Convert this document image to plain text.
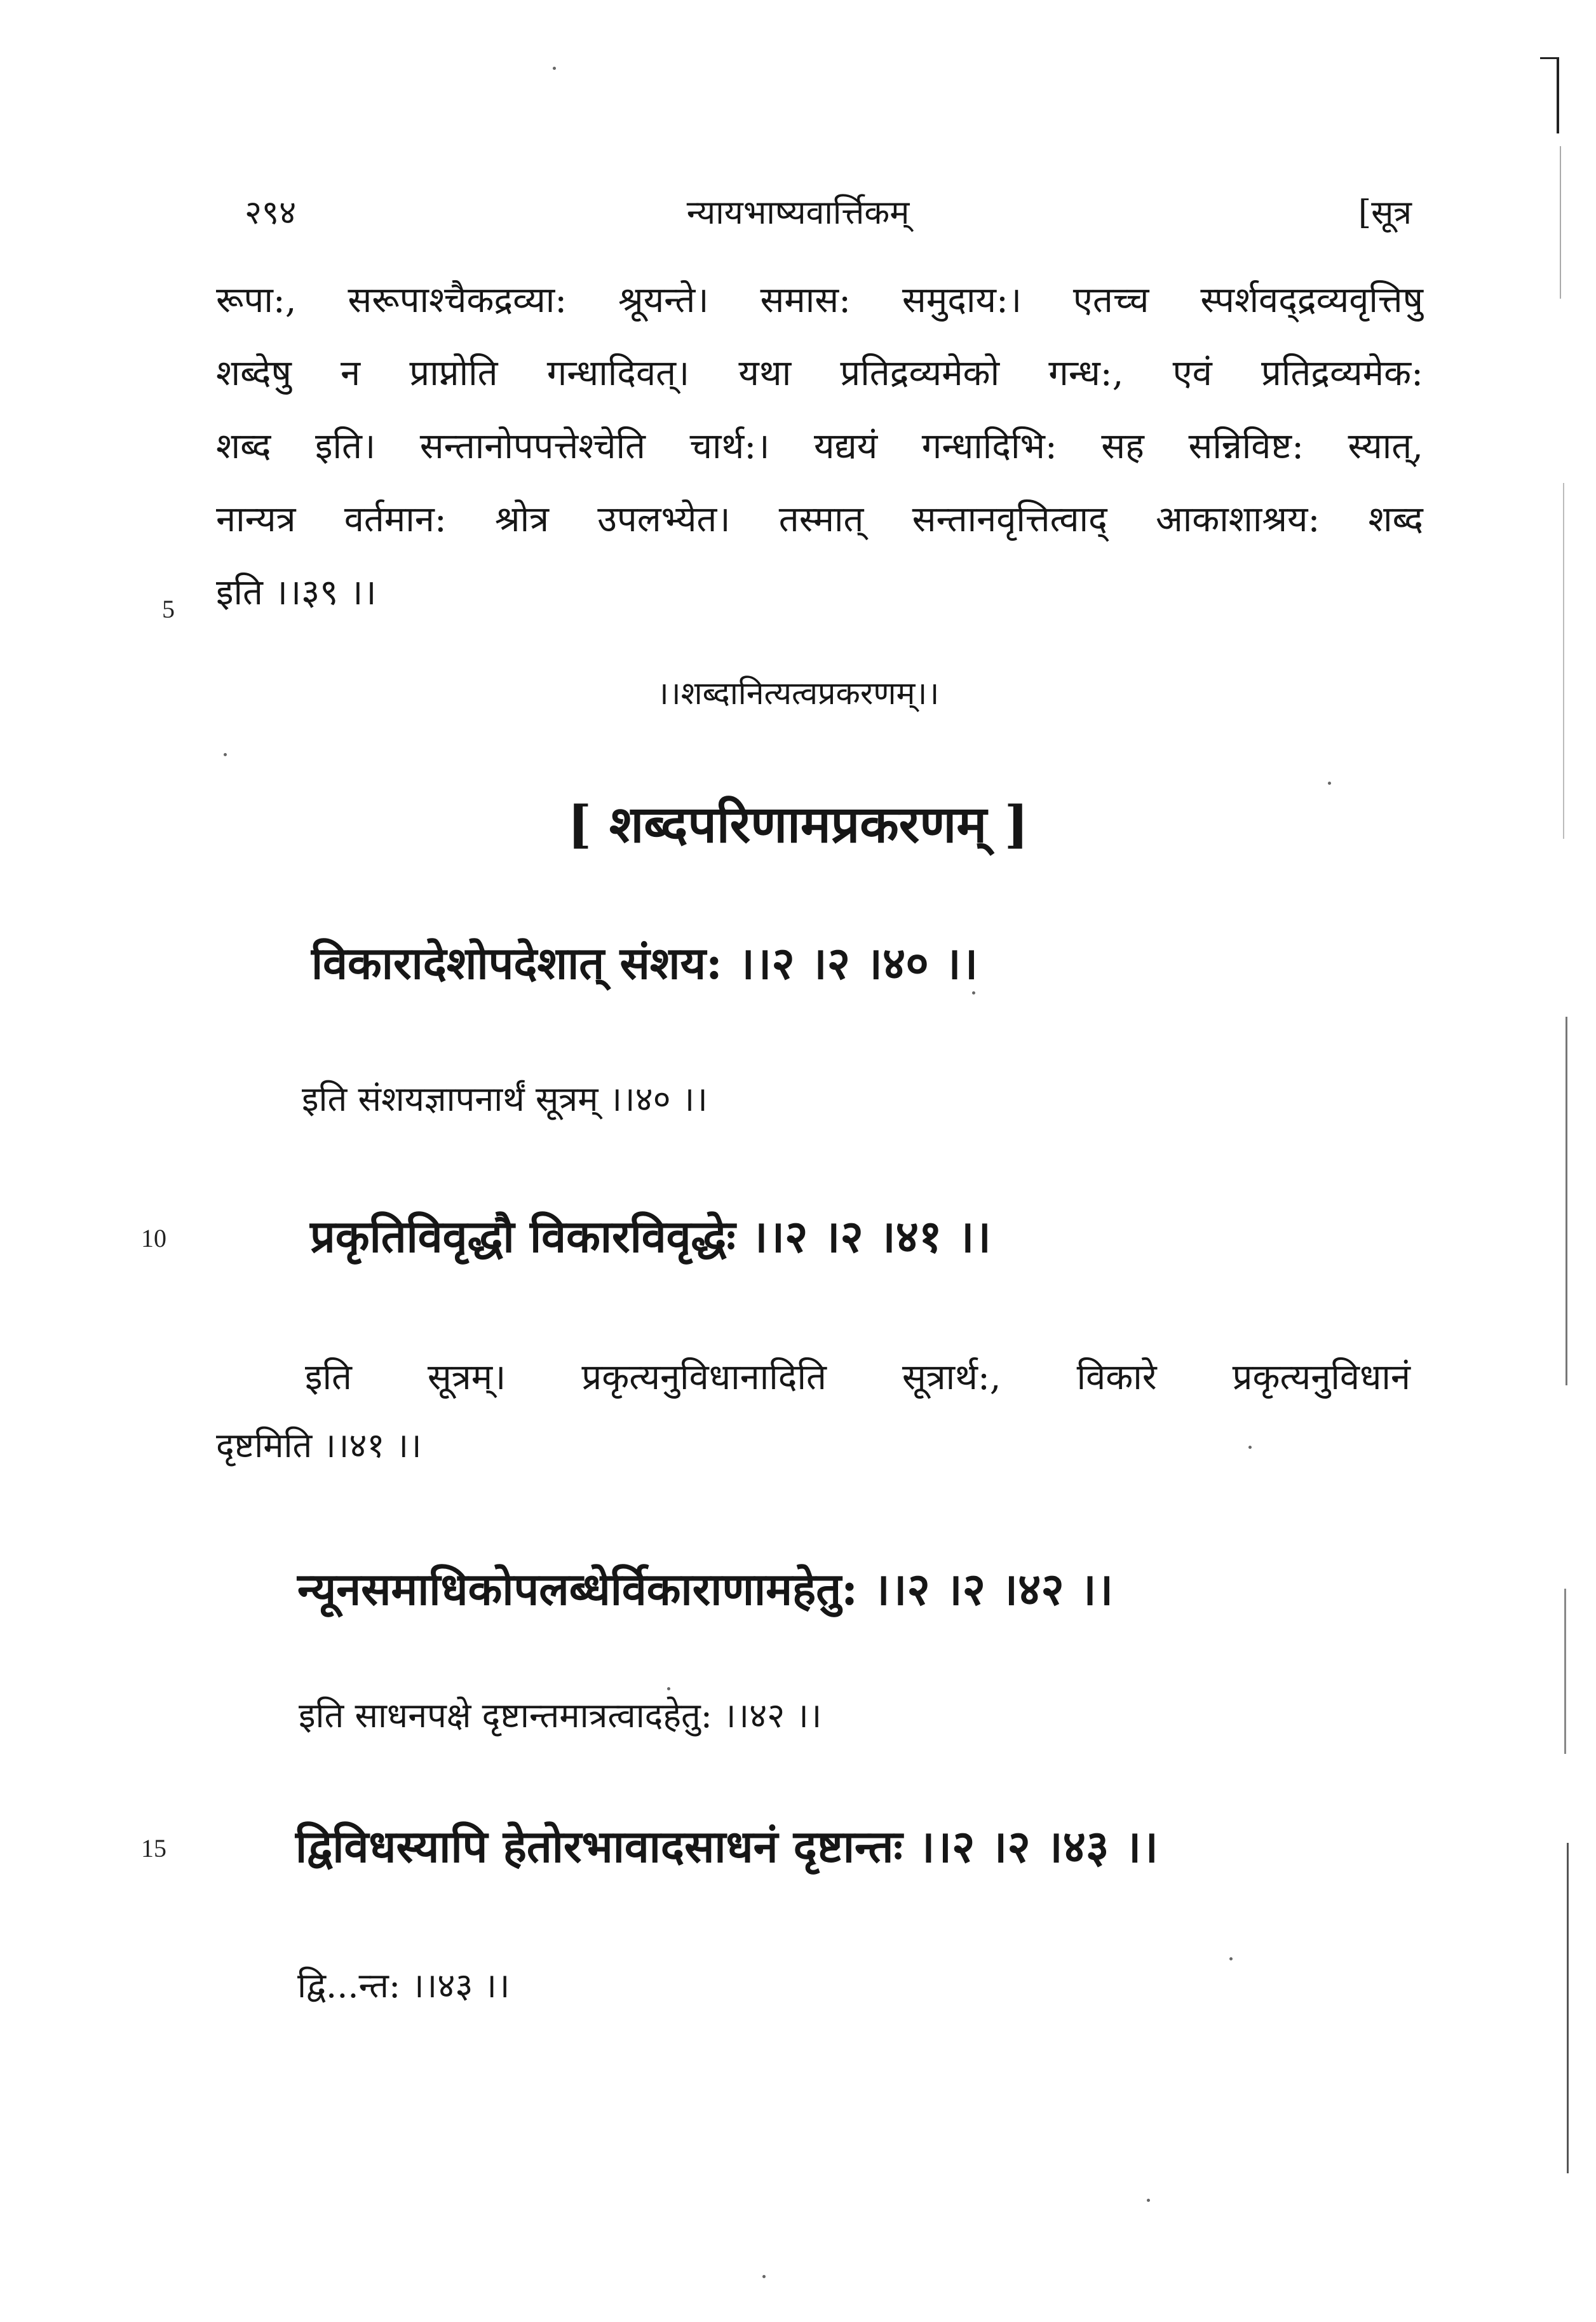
२९४	न्यायभाष्यवार्त्तिकम्	[सूत्र
रूपा:, सरूपाश्चैकद्रव्या: श्रूयन्ते। समास: समुदाय:। एतच्च स्पर्शवद्द्रव्यवृत्तिषु
शब्देषु न प्राप्नोति गन्धादिवत्। यथा प्रतिद्रव्यमेको गन्ध:, एवं प्रतिद्रव्यमेक:
शब्द इति। सन्तानोपपत्तेश्चेति चार्थ:। यद्ययं गन्धादिभि: सह सन्निविष्ट: स्यात्,
नान्यत्र वर्तमान: श्रोत्र उपलभ्येत। तस्मात् सन्तानवृत्तित्वाद् आकाशाश्रय: शब्द
इति ।।३९ ।।
5
।।शब्दानित्यत्वप्रकरणम्।।
[ शब्दपरिणामप्रकरणम् ]
विकारादेशोपदेशात् संशय: ।।२ ।२ ।४० ।।
इति संशयज्ञापनार्थं सूत्रम् ।।४० ।।
10	प्रकृतिविवृद्धौ विकारविवृद्धेः ।।२ ।२ ।४१ ।।
इति सूत्रम्। प्रकृत्यनुविधानादिति सूत्रार्थ:, विकारे प्रकृत्यनुविधानं
दृष्टमिति ।।४१ ।।
न्यूनसमाधिकोपलब्धेर्विकाराणामहेतु: ।।२ ।२ ।४२ ।।
इति साधनपक्षे दृष्टान्तमात्रत्वादहेतु: ।।४२ ।।
15	द्विविधस्यापि हेतोरभावादसाधनं दृष्टान्तः ।।२ ।२ ।४३ ।।
द्वि...न्त: ।।४३ ।।
